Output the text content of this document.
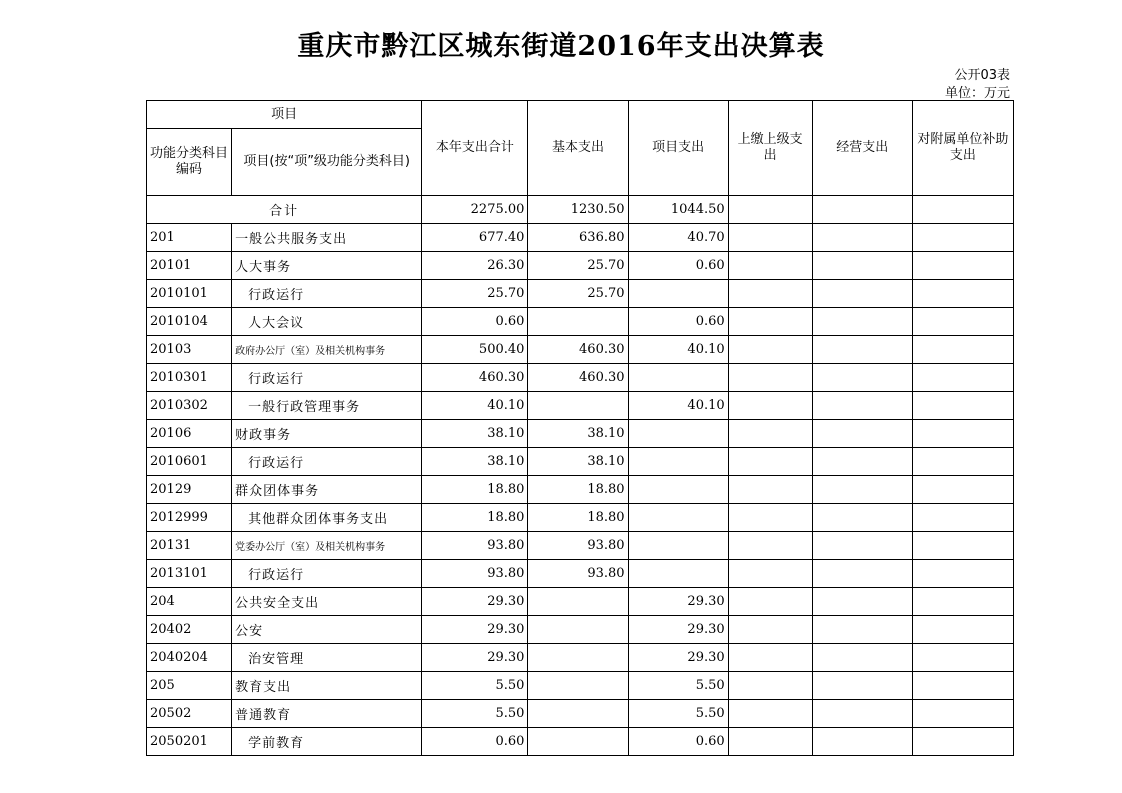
重庆市黔江区城东街道2016年支出决算表
公开03表
单位：万元
项目		本年支出合计	基本支出	项目支出	上缴上级支出	经营支出	对附属单位补助支出
功能分类科目编码	项目(按“项”级功能分类科目)						
合计		2275.00	1230.50	1044.50			
201	一般公共服务支出	677.40	636.80	40.70			
20101	人大事务	26.30	25.70	0.60			
2010101	行政运行	25.70	25.70				
2010104	人大会议	0.60		0.60			
20103	政府办公厅（室）及相关机构事务	500.40	460.30	40.10			
2010301	行政运行	460.30	460.30				
2010302	一般行政管理事务	40.10		40.10			
20106	财政事务	38.10	38.10				
2010601	行政运行	38.10	38.10				
20129	群众团体事务	18.80	18.80				
2012999	其他群众团体事务支出	18.80	18.80				
20131	党委办公厅（室）及相关机构事务	93.80	93.80				
2013101	行政运行	93.80	93.80				
204	公共安全支出	29.30		29.30			
20402	公安	29.30		29.30			
2040204	治安管理	29.30		29.30			
205	教育支出	5.50		5.50			
20502	普通教育	5.50		5.50			
2050201	学前教育	0.60		0.60			
